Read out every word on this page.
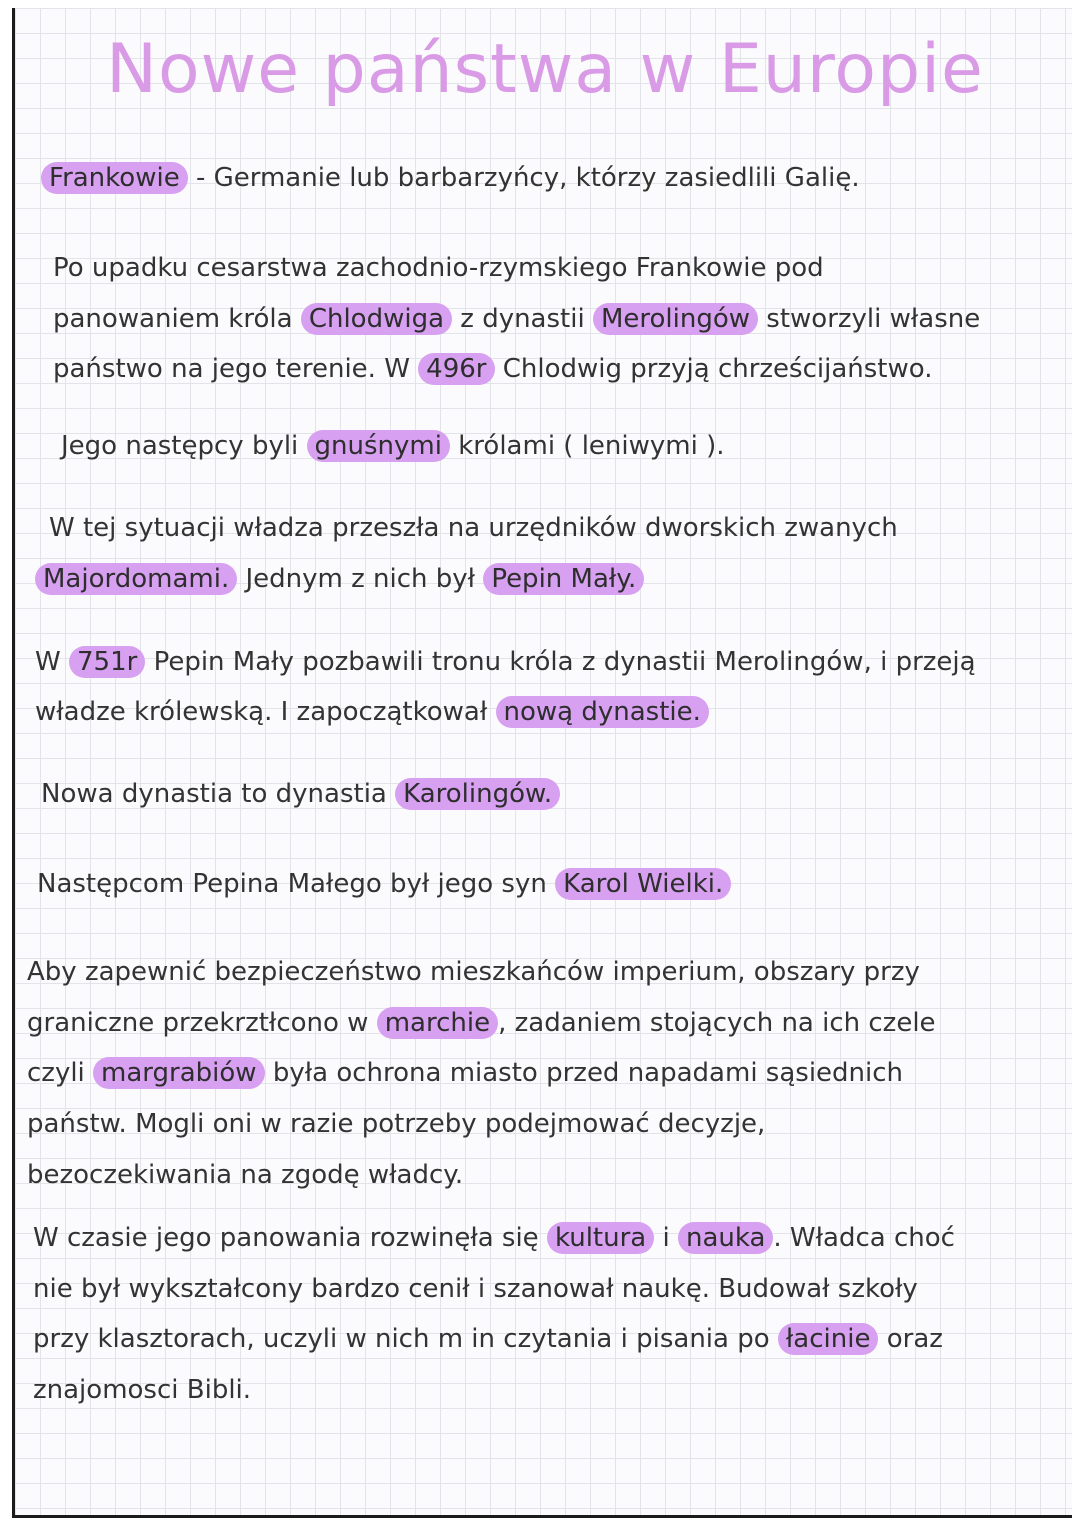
Nowe państwa w Europie

Frankowie - Germanie lub barbarzyńcy, którzy zasiedlili Galię.

Po upadku cesarstwa zachodnio-rzymskiego Frankowie pod

panowaniem króla Chlodwiga z dynastii Merolingów stworzyli własne

państwo na jego terenie. W 496r Chlodwig przyją chrześcijaństwo.

Jego następcy byli gnuśnymi królami ( leniwymi ).

W tej sytuacji władza przeszła na urzędników dworskich zwanych

Majordomami. Jednym z nich był Pepin Mały.

W 751r Pepin Mały pozbawili tronu króla z dynastii Merolingów, i przeją

władze królewską. I zapoczątkował nową dynastie.

Nowa dynastia to dynastia Karolingów.

Następcom Pepina Małego był jego syn Karol Wielki.

Aby zapewnić bezpieczeństwo mieszkańców imperium, obszary przy

graniczne przekrztłcono w marchie , zadaniem stojących na ich czele

czyli margrabiów była ochrona miasto przed napadami sąsiednich

państw. Mogli oni w razie potrzeby podejmować decyzje,

bezoczekiwania na zgodę władcy.

W czasie jego panowania rozwinęła się kultura i nauka . Władca choć

nie był wykształcony bardzo cenił i szanował naukę. Budował szkoły

przy klasztorach, uczyli w nich m in czytania i pisania po łacinie oraz

znajomosci Bibli.
